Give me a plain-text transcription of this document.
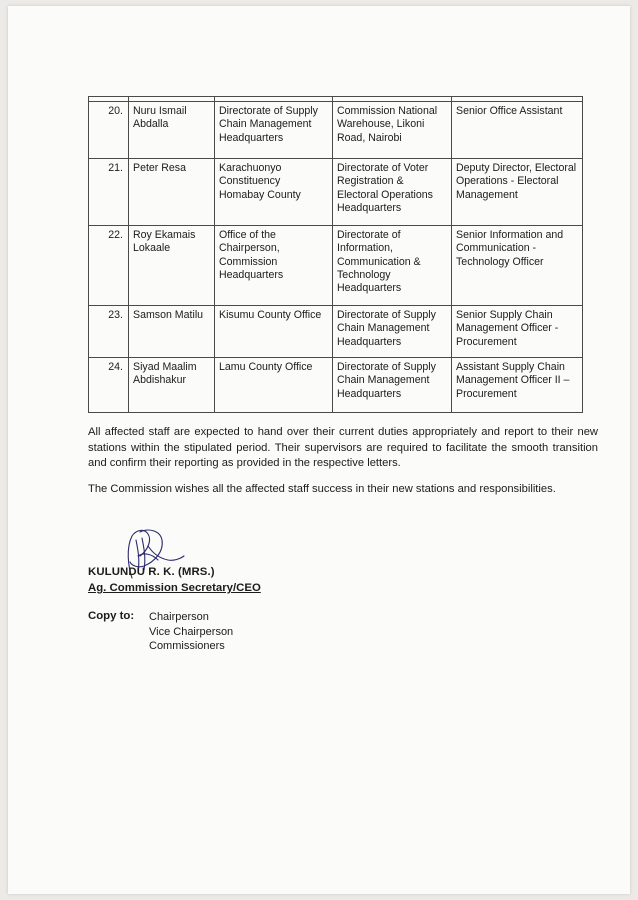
20.	Nuru Ismail Abdalla	Directorate of Supply Chain Management Headquarters	Commission National Warehouse, Likoni Road, Nairobi	Senior Office Assistant
21.	Peter Resa	Karachuonyo Constituency Homabay County	Directorate of Voter Registration & Electoral Operations Headquarters	Deputy Director, Electoral Operations - Electoral Management
22.	Roy Ekamais Lokaale	Office of the Chairperson, Commission Headquarters	Directorate of Information, Communication & Technology Headquarters	Senior Information and Communication - Technology Officer
23.	Samson Matilu	Kisumu County Office	Directorate of Supply Chain Management Headquarters	Senior Supply Chain Management Officer - Procurement
24.	Siyad Maalim Abdishakur	Lamu County Office	Directorate of Supply Chain Management Headquarters	Assistant Supply Chain Management Officer II – Procurement
All affected staff are expected to hand over their current duties appropriately and report to their new stations within the stipulated period. Their supervisors are required to facilitate the smooth transition and confirm their reporting as provided in the respective letters.
The Commission wishes all the affected staff success in their new stations and responsibilities.
KULUNDU R. K. (MRS.)
Ag. Commission Secretary/CEO
Copy to: Chairperson
Vice Chairperson
Commissioners
